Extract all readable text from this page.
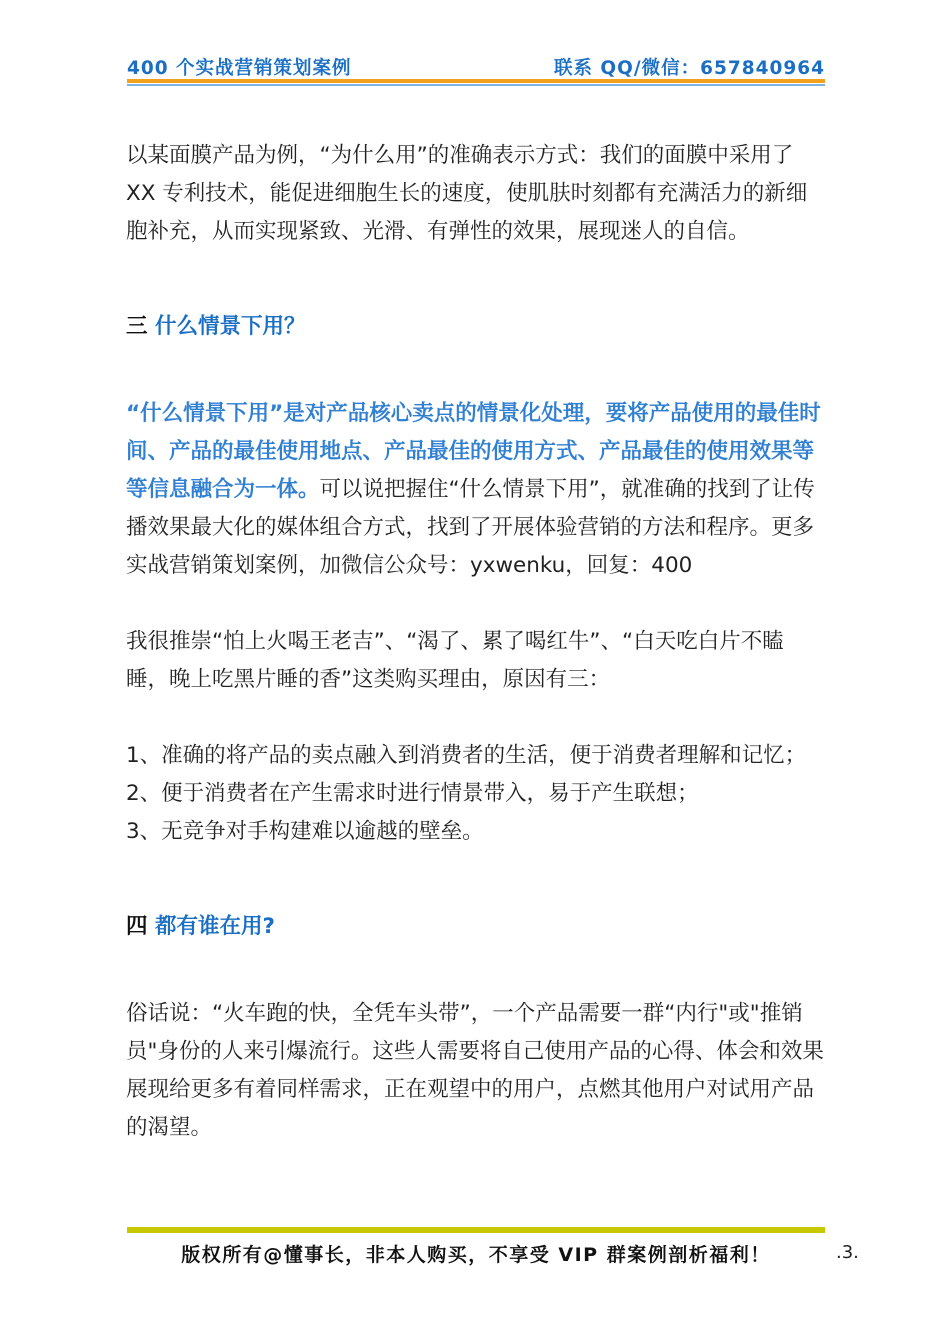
400 个实战营销策划案例	联系 QQ/微信：657840964

以某面膜产品为例，“为什么用”的准确表示方式：我们的面膜中采用了 XX 专利技术，能促进细胞生长的速度，使肌肤时刻都有充满活力的新细胞补充，从而实现紧致、光滑、有弹性的效果，展现迷人的自信。

三 什么情景下用？

“什么情景下用”是对产品核心卖点的情景化处理，要将产品使用的最佳时间、产品的最佳使用地点、产品最佳的使用方式、产品最佳的使用效果等等信息融合为一体。可以说把握住“什么情景下用”，就准确的找到了让传播效果最大化的媒体组合方式，找到了开展体验营销的方法和程序。更多实战营销策划案例，加微信公众号：yxwenku，回复：400

我很推崇“怕上火喝王老吉”、“渴了、累了喝红牛”、“白天吃白片不瞌睡，晚上吃黑片睡的香”这类购买理由，原因有三：

1、准确的将产品的卖点融入到消费者的生活，便于消费者理解和记忆；

2、便于消费者在产生需求时进行情景带入，易于产生联想；

3、无竞争对手构建难以逾越的壁垒。

四 都有谁在用?

俗话说：“火车跑的快，全凭车头带”，一个产品需要一群“内行"或"推销员"身份的人来引爆流行。这些人需要将自己使用产品的心得、体会和效果展现给更多有着同样需求，正在观望中的用户，点燃其他用户对试用产品的渴望。

版权所有@懂事长，非本人购买，不享受 VIP 群案例剖析福利！	.3.
